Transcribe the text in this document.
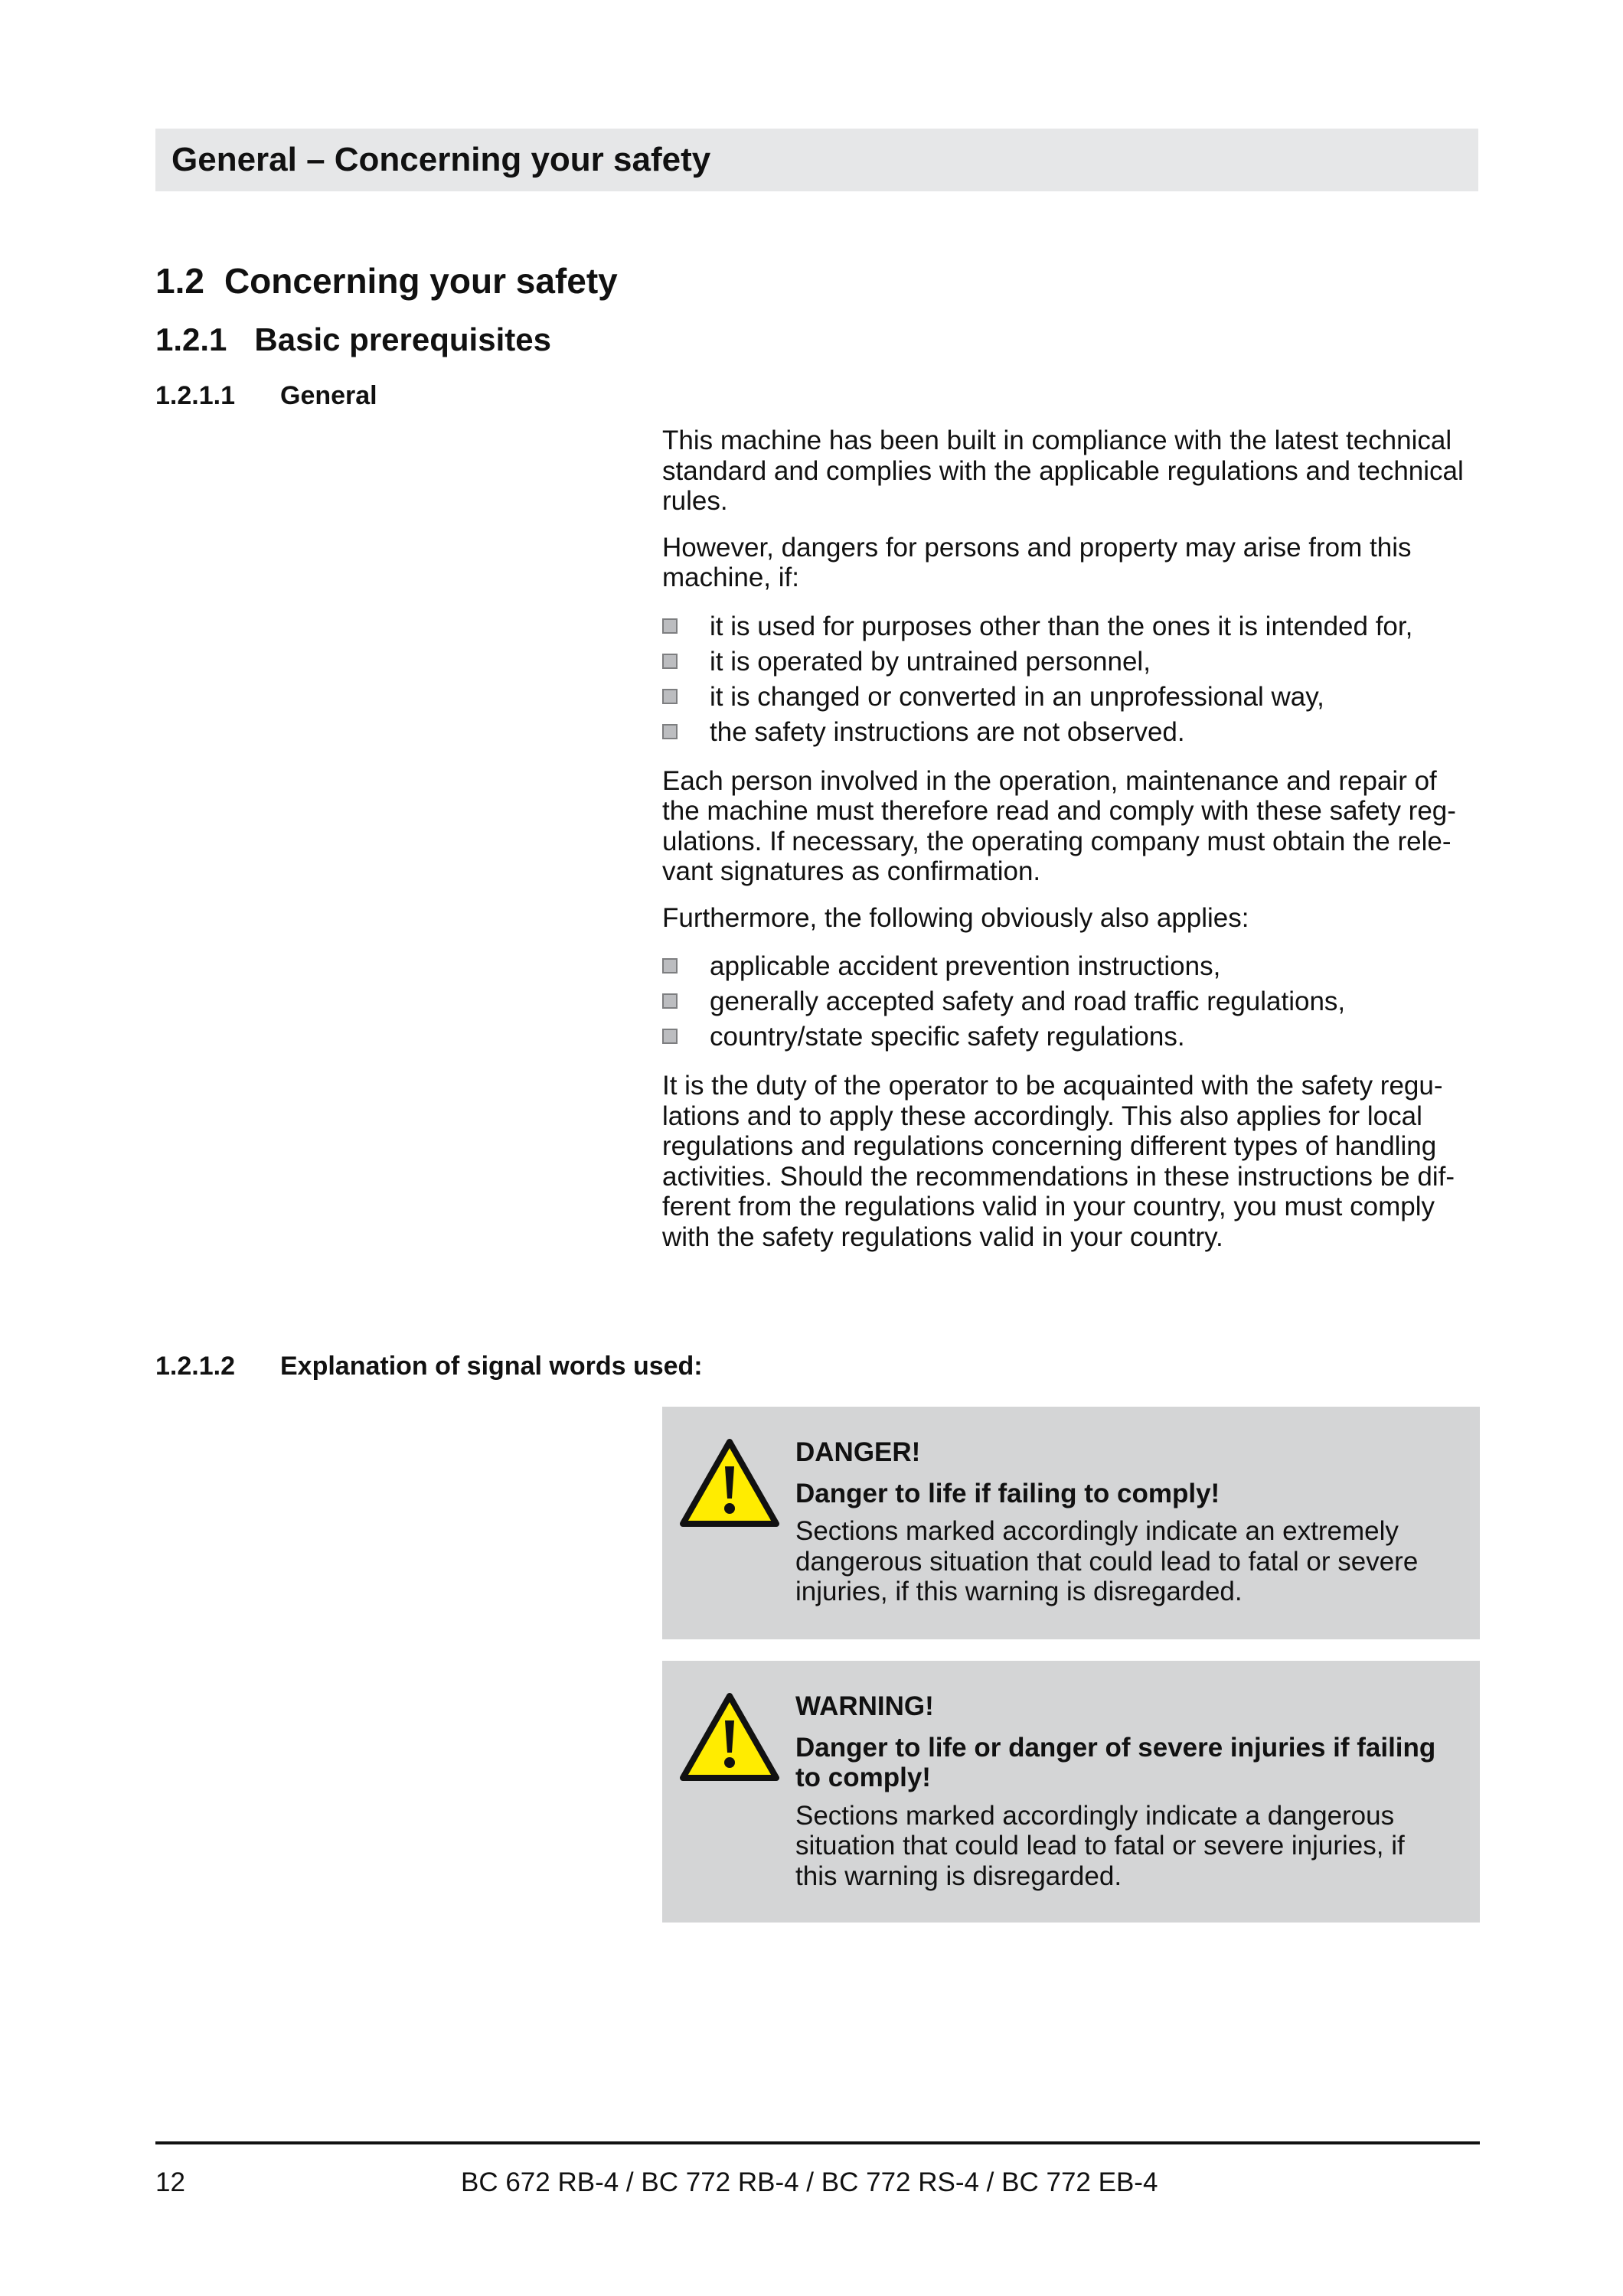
General – Concerning your safety
1.2 Concerning your safety
1.2.1 Basic prerequisites
1.2.1.1 General

This machine has been built in compliance with the latest technical standard and complies with the applicable regulations and technical rules.

However, dangers for persons and property may arise from this machine, if:

it is used for purposes other than the ones it is intended for,
it is operated by untrained personnel,
it is changed or converted in an unprofessional way,
the safety instructions are not observed.

Each person involved in the operation, maintenance and repair of the machine must therefore read and comply with these safety regulations. If necessary, the operating company must obtain the relevant signatures as confirmation.

Furthermore, the following obviously also applies:

applicable accident prevention instructions,
generally accepted safety and road traffic regulations,
country/state specific safety regulations.

It is the duty of the operator to be acquainted with the safety regulations and to apply these accordingly. This also applies for local regulations and regulations concerning different types of handling activities. Should the recommendations in these instructions be different from the regulations valid in your country, you must comply with the safety regulations valid in your country.

1.2.1.2 Explanation of signal words used:

DANGER!

Danger to life if failing to comply!

Sections marked accordingly indicate an extremely dangerous situation that could lead to fatal or severe injuries, if this warning is disregarded.

WARNING!

Danger to life or danger of severe injuries if failing to comply!

Sections marked accordingly indicate a dangerous situation that could lead to fatal or severe injuries, if this warning is disregarded.

12	BC 672 RB-4 / BC 772 RB-4 / BC 772 RS-4 / BC 772 EB-4
